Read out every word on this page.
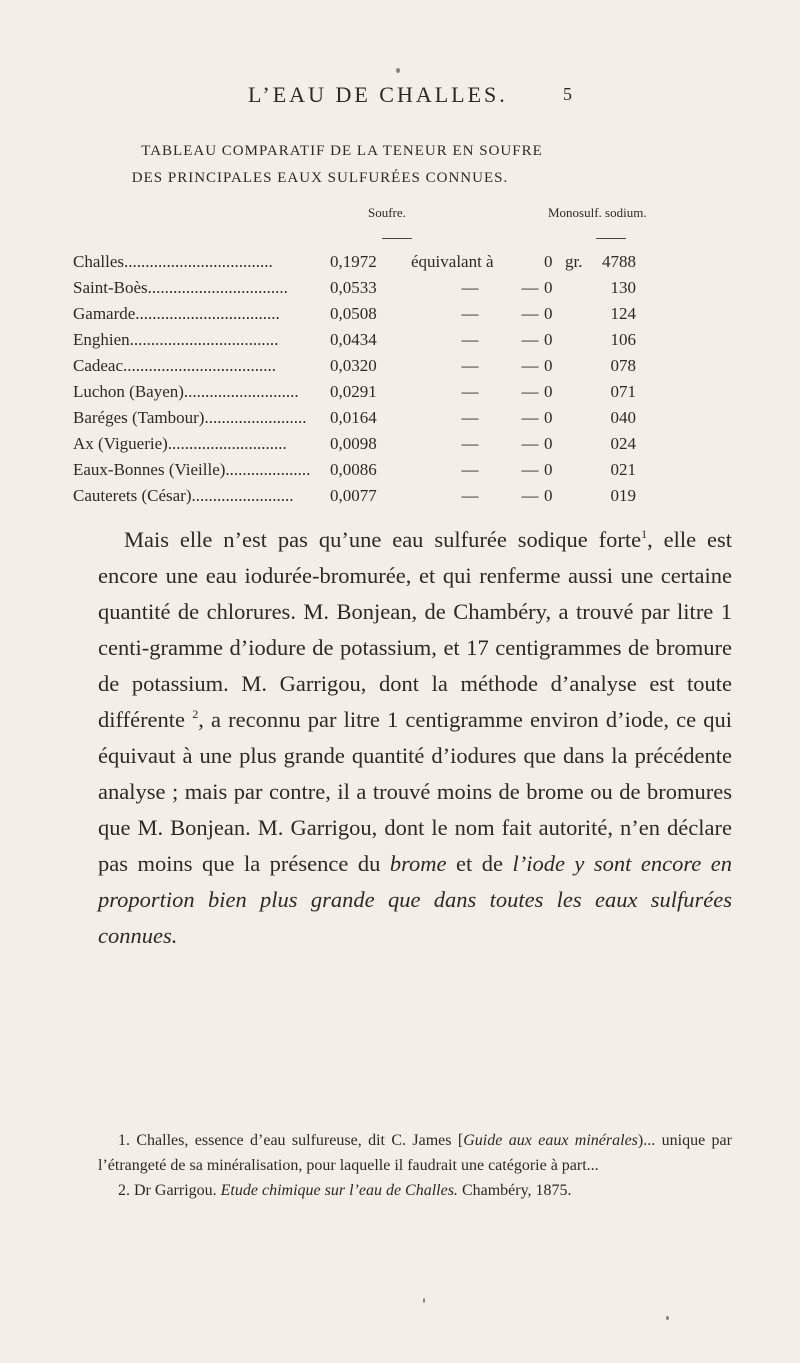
L’EAU DE CHALLES.	5
TABLEAU COMPARATIF DE LA TENEUR EN SOUFRE
DES PRINCIPALES EAUX SULFURÉES CONNUES.
Soufre.	Monosulf. sodium.
Challes...................................	0,1972 équivalant à	0 gr.	4788
Saint-Boès.................................	0,0533	—	— 0	130
Gamarde..................................	0,0508	—	— 0	124
Enghien...................................	0,0434	—	— 0	106
Cadeac....................................	0,0320	—	— 0	078
Luchon (Bayen)...........................	0,0291	—	— 0	071
Baréges (Tambour)........................	0,0164	—	— 0	040
Ax (Viguerie)............................	0,0098	—	— 0	024
Eaux-Bonnes (Vieille)....................	0,0086	—	— 0	021
Cauterets (César)........................	0,0077	—	— 0	019

Mais elle n’est pas qu’une eau sulfurée sodique forte$^1$, elle est encore une eau iodurée-bromurée, et qui renferme aussi une certaine quantité de chlorures. M. Bonjean, de Chambéry, a trouvé par litre 1 centi-gramme d’iodure de potassium, et 17 centigrammes de bromure de potassium. M. Garrigou, dont la méthode d’analyse est toute différente $^2$, a reconnu par litre 1 centigramme environ d’iode, ce qui équivaut à une plus grande quantité d’iodures que dans la précédente analyse ; mais par contre, il a trouvé moins de brome ou de bromures que M. Bonjean. M. Garrigou, dont le nom fait autorité, n’en déclare pas moins que la présence du brome et de l’iode y sont encore en proportion bien plus grande que dans toutes les eaux sulfurées connues.

1. Challes, essence d’eau sulfureuse, dit C. James [Guide aux eaux minérales)... unique par l’étrangeté de sa minéralisation, pour laquelle il faudrait une catégorie à part...

2. Dr Garrigou. Etude chimique sur l’eau de Challes. Chambéry, 1875.
